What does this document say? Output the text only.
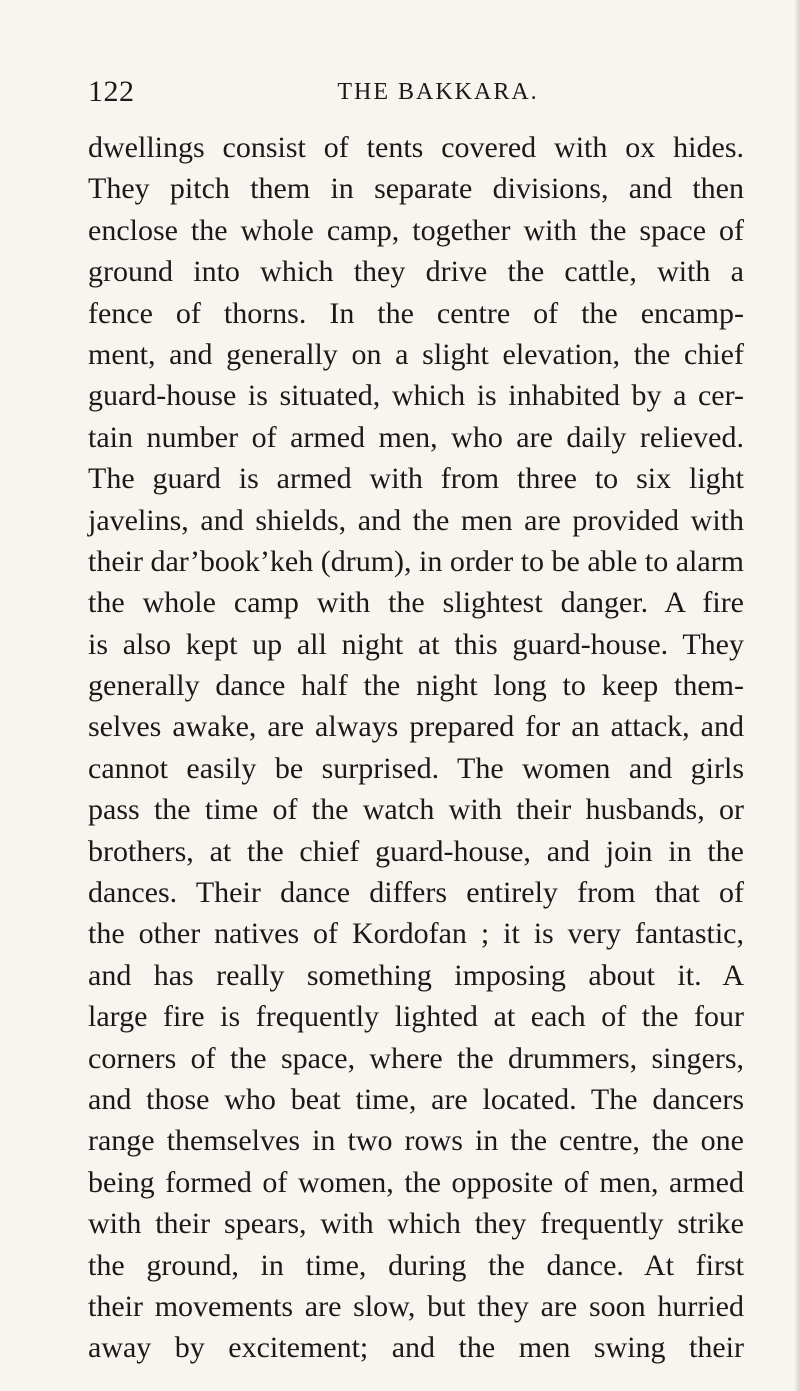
122	THE BAKKARA.
dwellings consist of tents covered with ox hides.
They pitch them in separate divisions, and then
enclose the whole camp, together with the space of
ground into which they drive the cattle, with a
fence of thorns. In the centre of the encamp-
ment, and generally on a slight elevation, the chief
guard-house is situated, which is inhabited by a cer-
tain number of armed men, who are daily relieved.
The guard is armed with from three to six light
javelins, and shields, and the men are provided with
their dar’book’keh (drum), in order to be able to alarm
the whole camp with the slightest danger. A fire
is also kept up all night at this guard-house. They
generally dance half the night long to keep them-
selves awake, are always prepared for an attack, and
cannot easily be surprised. The women and girls
pass the time of the watch with their husbands, or
brothers, at the chief guard-house, and join in the
dances. Their dance differs entirely from that of
the other natives of Kordofan ; it is very fantastic,
and has really something imposing about it. A
large fire is frequently lighted at each of the four
corners of the space, where the drummers, singers,
and those who beat time, are located. The dancers
range themselves in two rows in the centre, the one
being formed of women, the opposite of men, armed
with their spears, with which they frequently strike
the ground, in time, during the dance. At first
their movements are slow, but they are soon hurried
away by excitement; and the men swing their
